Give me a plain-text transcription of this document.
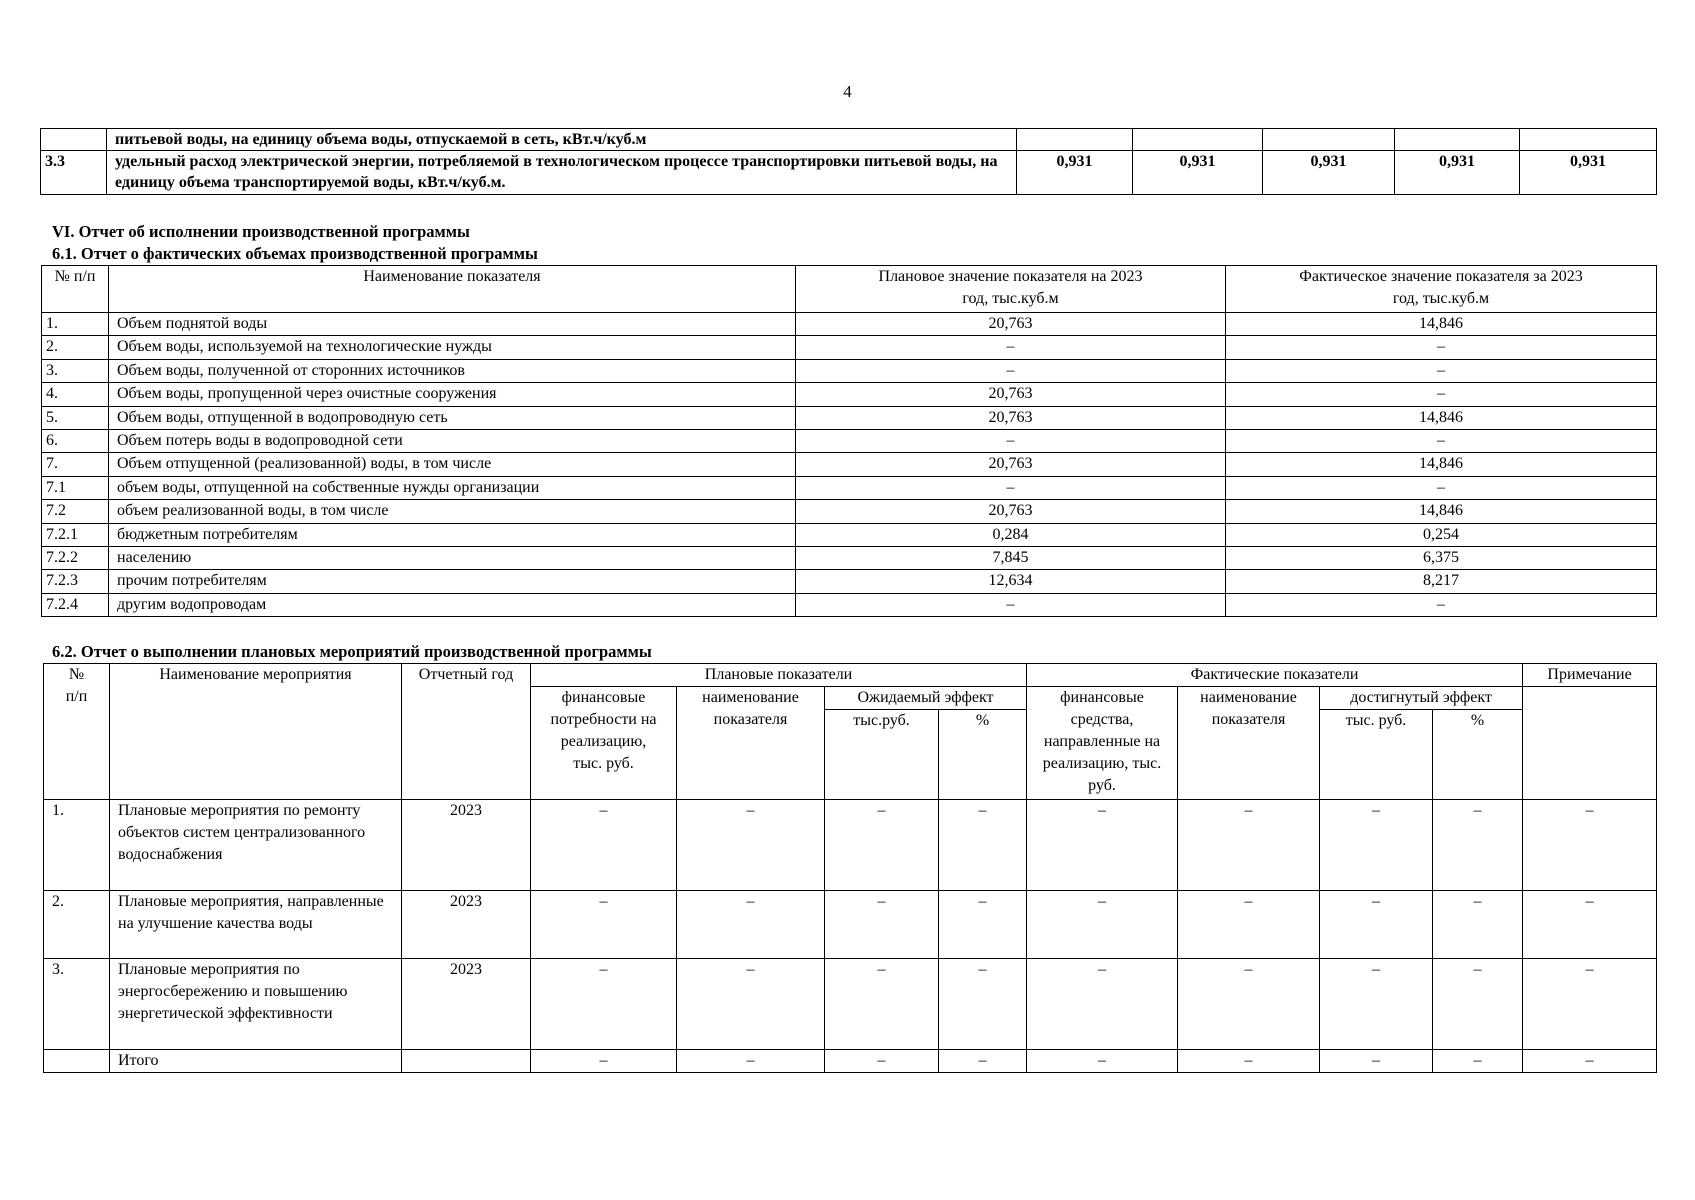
4
	питьевой воды, на единицу объема воды, отпускаемой в сеть, кВт.ч/куб.м					
3.3	удельный расход электрической энергии, потребляемой в технологическом процессе транспортировки питьевой воды, на единицу объема транспортируемой воды, кВт.ч/куб.м.	0,931	0,931	0,931	0,931	0,931
VI. Отчет об исполнении производственной программы
6.1. Отчет о фактических объемах производственной программы
№ п/п	Наименование показателя	Плановое значение показателя на 2023 год, тыс.куб.м	Фактическое значение показателя за 2023 год, тыс.куб.м
1.	Объем поднятой воды	20,763	14,846
2.	Объем воды, используемой на технологические нужды	–	–
3.	Объем воды, полученной от сторонних источников	–	–
4.	Объем воды, пропущенной через очистные сооружения	20,763	–
5.	Объем воды, отпущенной в водопроводную сеть	20,763	14,846
6.	Объем потерь воды в водопроводной сети	–	–
7.	Объем отпущенной (реализованной) воды, в том числе	20,763	14,846
7.1	объем воды, отпущенной на собственные нужды организации	–	–
7.2	объем реализованной воды, в том числе	20,763	14,846
7.2.1	бюджетным потребителям	0,284	0,254
7.2.2	населению	7,845	6,375
7.2.3	прочим потребителям	12,634	8,217
7.2.4	другим водопроводам	–	–
6.2. Отчет о выполнении плановых мероприятий производственной программы
№ п/п	Наименование мероприятия	Отчетный год	Плановые показатели				Фактические показатели				Примечание
			финансовые потребности на реализацию, тыс. руб.	наименование показателя	Ожидаемый эффект		финансовые средства, направленные на реализацию, тыс. руб.	наименование показателя	достигнутый эффект		
					тыс.руб.	%			тыс. руб.	%	
1.	Плановые мероприятия по ремонту объектов систем централизованного водоснабжения	2023	–	–	–	–	–	–	–	–	–
2.	Плановые мероприятия, направленные на улучшение качества воды	2023	–	–	–	–	–	–	–	–	–
3.	Плановые мероприятия по энергосбережению и повышению энергетической эффективности	2023	–	–	–	–	–	–	–	–	–
	Итого		–	–	–	–	–	–	–	–	–
